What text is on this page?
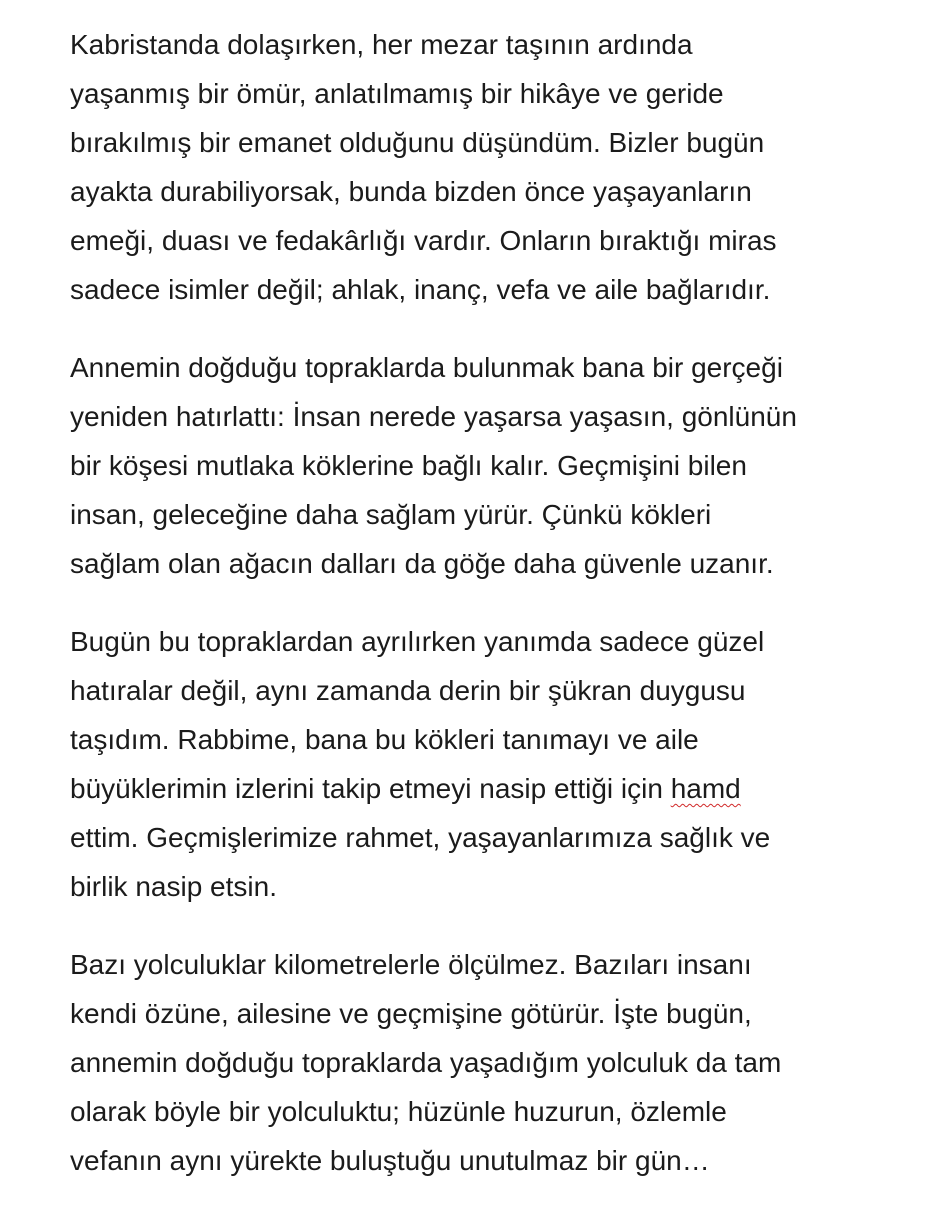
Kabristanda dolaşırken, her mezar taşının ardında
yaşanmış bir ömür, anlatılmamış bir hikâye ve geride
bırakılmış bir emanet olduğunu düşündüm. Bizler bugün
ayakta durabiliyorsak, bunda bizden önce yaşayanların
emeği, duası ve fedakârlığı vardır. Onların bıraktığı miras
sadece isimler değil; ahlak, inanç, vefa ve aile bağlarıdır.

Annemin doğduğu topraklarda bulunmak bana bir gerçeği
yeniden hatırlattı: İnsan nerede yaşarsa yaşasın, gönlünün
bir köşesi mutlaka köklerine bağlı kalır. Geçmişini bilen
insan, geleceğine daha sağlam yürür. Çünkü kökleri
sağlam olan ağacın dalları da göğe daha güvenle uzanır.

Bugün bu topraklardan ayrılırken yanımda sadece güzel
hatıralar değil, aynı zamanda derin bir şükran duygusu
taşıdım. Rabbime, bana bu kökleri tanımayı ve aile
büyüklerimin izlerini takip etmeyi nasip ettiği için hamd
ettim. Geçmişlerimize rahmet, yaşayanlarımıza sağlık ve
birlik nasip etsin.

Bazı yolculuklar kilometrelerle ölçülmez. Bazıları insanı
kendi özüne, ailesine ve geçmişine götürür. İşte bugün,
annemin doğduğu topraklarda yaşadığım yolculuk da tam
olarak böyle bir yolculuktu; hüzünle huzurun, özlemle
vefanın aynı yürekte buluştuğu unutulmaz bir gün…
